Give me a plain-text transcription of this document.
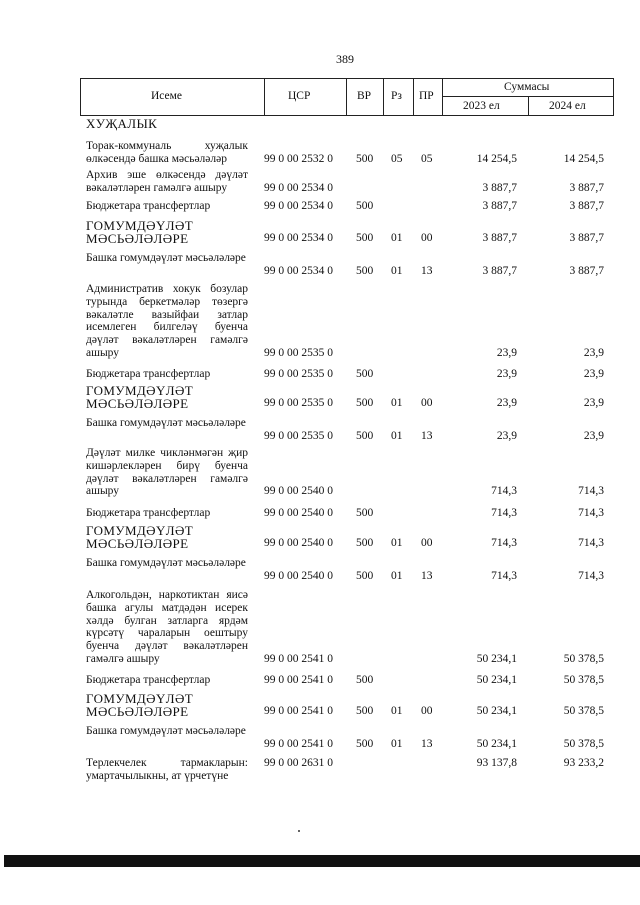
389
Исеме	ЦСР	ВР Рз ПР
Суммасы
2023 ел	2024 ел
ХУҖАЛЫК
Торак-коммуналь хуҗалык өлкәсендә башка мәсьәләләр	99 0 00 2532 0 500 05 05	14 254,5	14 254,5
Архив эше өлкәсендә дәүләт вәкаләтләрен гамәлгә ашыру	99 0 00 2534 0	3 887,7	3 887,7
Бюджетара трансфертлар	99 0 00 2534 0 500	3 887,7	3 887,7
ГОМУМДӘҮЛӘТ МӘСЬӘЛӘЛӘРЕ	99 0 00 2534 0 500 01 00	3 887,7	3 887,7
Башка гомумдәүләт мәсьәләләре
99 0 00 2534 0 500 01 13	3 887,7	3 887,7
Административ хокук бозулар турында беркетмәләр төзергә вәкаләтле вазыйфаи затлар исемлеген билгеләү буенча дәүләт вәкаләтләрен гамәлгә ашыру	99 0 00 2535 0	23,9	23,9
Бюджетара трансфертлар	99 0 00 2535 0 500	23,9	23,9
ГОМУМДӘҮЛӘТ МӘСЬӘЛӘЛӘРЕ	99 0 00 2535 0 500 01 00	23,9	23,9
Башка гомумдәүләт мәсьәләләре
99 0 00 2535 0 500 01 13	23,9	23,9
Дәүләт милке чикләнмәгән җир кишәрлекләрен бирү буенча дәүләт вәкаләтләрен гамәлгә ашыру	99 0 00 2540 0	714,3	714,3
Бюджетара трансфертлар	99 0 00 2540 0 500	714,3	714,3
ГОМУМДӘҮЛӘТ МӘСЬӘЛӘЛӘРЕ	99 0 00 2540 0 500 01 00	714,3	714,3
Башка гомумдәүләт мәсьәләләре
99 0 00 2540 0 500 01 13	714,3	714,3
Алкогольдән, наркотиктан яисә башка агулы матдәдән исерек хәлдә булган затларга ярдәм күрсәтү чараларын оештыру буенча дәүләт вәкаләтләрен гамәлгә ашыру	99 0 00 2541 0	50 234,1	50 378,5
Бюджетара трансфертлар	99 0 00 2541 0 500	50 234,1	50 378,5
ГОМУМДӘҮЛӘТ МӘСЬӘЛӘЛӘРЕ	99 0 00 2541 0 500 01 00	50 234,1	50 378,5
Башка гомумдәүләт мәсьәләләре
99 0 00 2541 0 500 01 13	50 234,1	50 378,5
Терлекчелек тармакларын: умартачылыкны, ат үрчетүне
99 0 00 2631 0	93 137,8	93 233,2
